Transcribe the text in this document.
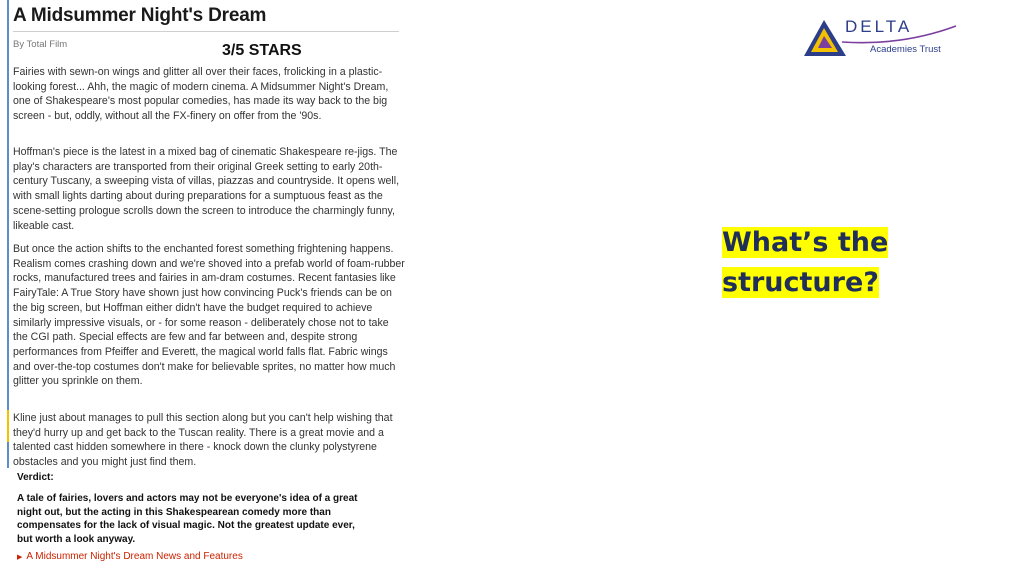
A Midsummer Night's Dream
By Total Film	3/5 STARS

Fairies with sewn-on wings and glitter all over their faces, frolicking in a plastic-looking forest... Ahh, the magic of modern cinema. A Midsummer Night's Dream, one of Shakespeare's most popular comedies, has made its way back to the big screen - but, oddly, without all the FX-finery on offer from the '90s.

Hoffman's piece is the latest in a mixed bag of cinematic Shakespeare re-jigs. The play's characters are transported from their original Greek setting to early 20th-century Tuscany, a sweeping vista of villas, piazzas and countryside. It opens well, with small lights darting about during preparations for a sumptuous feast as the scene-setting prologue scrolls down the screen to introduce the charmingly funny, likeable cast.

But once the action shifts to the enchanted forest something frightening happens. Realism comes crashing down and we're shoved into a prefab world of foam-rubber rocks, manufactured trees and fairies in am-dram costumes. Recent fantasies like FairyTale: A True Story have shown just how convincing Puck's friends can be on the big screen, but Hoffman either didn't have the budget required to achieve similarly impressive visuals, or - for some reason - deliberately chose not to take the CGI path. Special effects are few and far between and, despite strong performances from Pfeiffer and Everett, the magical world falls flat. Fabric wings and over-the-top costumes don't make for believable sprites, no matter how much glitter you sprinkle on them.

Kline just about manages to pull this section along but you can't help wishing that they'd hurry up and get back to the Tuscan reality. There is a great movie and a talented cast hidden somewhere in there - knock down the clunky polystyrene obstacles and you might just find them.

Verdict:

A tale of fairies, lovers and actors may not be everyone's idea of a great night out, but the acting in this Shakespearean comedy more than compensates for the lack of visual magic. Not the greatest update ever, but worth a look anyway.

▶ A Midsummer Night's Dream News and Features
DELTA
Academies Trust

What’s the
structure?
